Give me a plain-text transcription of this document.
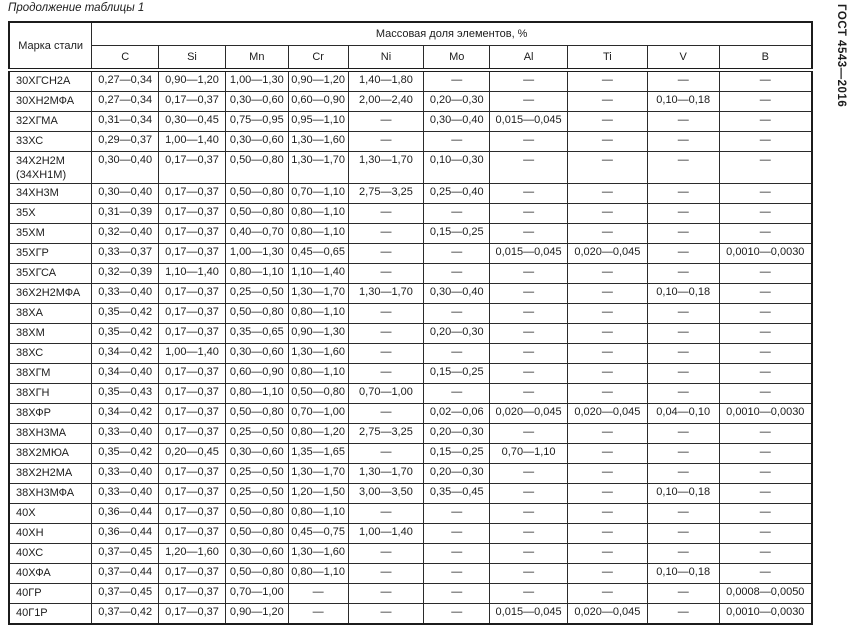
Продолжение таблицы 1	ГОСТ 4543—2016
Марка стали	Массовая доля элементов, %									
	C	Si	Mn	Cr	Ni	Mo	Al	Ti	V	B

30ХГСН2А	0,27—0,34	0,90—1,20	1,00—1,30	0,90—1,20	1,40—1,80	—	—	—	—	—

30ХН2МФА	0,27—0,34	0,17—0,37	0,30—0,60	0,60—0,90	2,00—2,40	0,20—0,30	—	—	0,10—0,18	—

32ХГМА	0,31—0,34	0,30—0,45	0,75—0,95	0,95—1,10	—	0,30—0,40	0,015—0,045	—	—	—

33ХС	0,29—0,37	1,00—1,40	0,30—0,60	1,30—1,60	—	—	—	—	—	—

34Х2Н2М
(34ХН1М)	0,30—0,40	0,17—0,37	0,50—0,80	1,30—1,70	1,30—1,70	0,10—0,30	—	—	—	—

34ХН3М	0,30—0,40	0,17—0,37	0,50—0,80	0,70—1,10	2,75—3,25	0,25—0,40	—	—	—	—

35Х	0,31—0,39	0,17—0,37	0,50—0,80	0,80—1,10	—	—	—	—	—	—

35ХМ	0,32—0,40	0,17—0,37	0,40—0,70	0,80—1,10	—	0,15—0,25	—	—	—	—

35ХГР	0,33—0,37	0,17—0,37	1,00—1,30	0,45—0,65	—	—	0,015—0,045	0,020—0,045	—	0,0010—0,0030

35ХГСА	0,32—0,39	1,10—1,40	0,80—1,10	1,10—1,40	—	—	—	—	—	—

36Х2Н2МФА	0,33—0,40	0,17—0,37	0,25—0,50	1,30—1,70	1,30—1,70	0,30—0,40	—	—	0,10—0,18	—

38ХА	0,35—0,42	0,17—0,37	0,50—0,80	0,80—1,10	—	—	—	—	—	—

38ХМ	0,35—0,42	0,17—0,37	0,35—0,65	0,90—1,30	—	0,20—0,30	—	—	—	—

38ХС	0,34—0,42	1,00—1,40	0,30—0,60	1,30—1,60	—	—	—	—	—	—

38ХГМ	0,34—0,40	0,17—0,37	0,60—0,90	0,80—1,10	—	0,15—0,25	—	—	—	—

38ХГН	0,35—0,43	0,17—0,37	0,80—1,10	0,50—0,80	0,70—1,00	—	—	—	—	—

38ХФР	0,34—0,42	0,17—0,37	0,50—0,80	0,70—1,00	—	0,02—0,06	0,020—0,045	0,020—0,045	0,04—0,10	0,0010—0,0030

38ХН3МА	0,33—0,40	0,17—0,37	0,25—0,50	0,80—1,20	2,75—3,25	0,20—0,30	—	—	—	—

38Х2МЮА	0,35—0,42	0,20—0,45	0,30—0,60	1,35—1,65	—	0,15—0,25	0,70—1,10	—	—	—

38Х2Н2МА	0,33—0,40	0,17—0,37	0,25—0,50	1,30—1,70	1,30—1,70	0,20—0,30	—	—	—	—

38ХН3МФА	0,33—0,40	0,17—0,37	0,25—0,50	1,20—1,50	3,00—3,50	0,35—0,45	—	—	0,10—0,18	—

40Х	0,36—0,44	0,17—0,37	0,50—0,80	0,80—1,10	—	—	—	—	—	—

40ХН	0,36—0,44	0,17—0,37	0,50—0,80	0,45—0,75	1,00—1,40	—	—	—	—	—

40ХС	0,37—0,45	1,20—1,60	0,30—0,60	1,30—1,60	—	—	—	—	—	—

40ХФА	0,37—0,44	0,17—0,37	0,50—0,80	0,80—1,10	—	—	—	—	0,10—0,18	—

40ГР	0,37—0,45	0,17—0,37	0,70—1,00	—	—	—	—	—	—	0,0008—0,0050

40Г1Р	0,37—0,42	0,17—0,37	0,90—1,20	—	—	—	0,015—0,045	0,020—0,045	—	0,0010—0,0030
